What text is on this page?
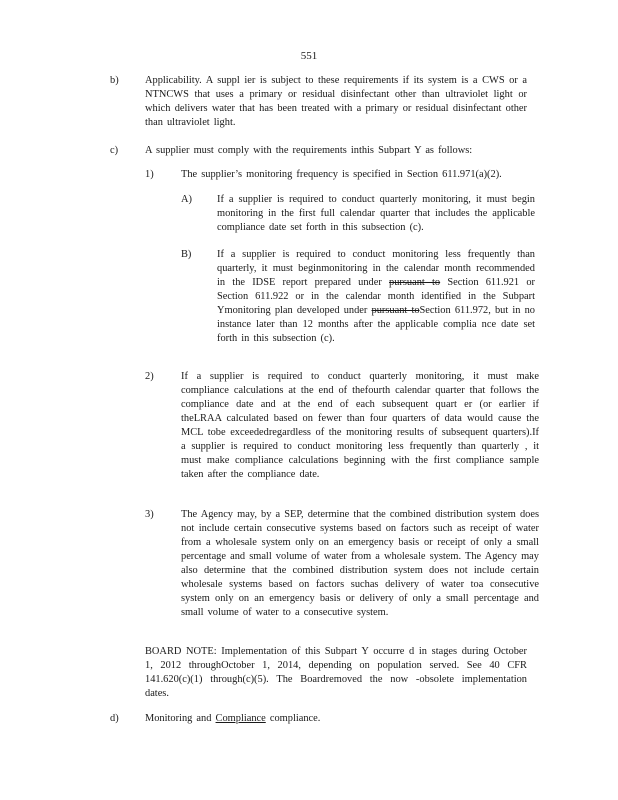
551
b)	Applicability. A suppl ier is subject to these requirements if its system is a CWS or a NTNCWS that uses a primary or residual disinfectant other than ultraviolet light or which delivers water that has been treated with a primary or residual disinfectant other than ultraviolet light.
c)	A supplier must comply with the requirements inthis Subpart Y as follows:
1)	The supplier’s monitoring frequency is specified in Section 611.971(a)(2).
A) If a supplier is required to conduct quarterly monitoring, it must begin monitoring in the first full calendar quarter that includes the applicable compliance date set forth in this subsection (c).
B) If a supplier is required to conduct monitoring less frequently than quarterly, it must beginmonitoring in the calendar month recommended in the IDSE report prepared under pursuant to Section 611.921 or Section 611.922 or in the calendar month identified in the Subpart Ymonitoring plan developed under pursuant toSection 611.972, but in no instance later than 12 months after the applicable complia nce date set forth in this subsection (c).
2)	If a supplier is required to conduct quarterly monitoring, it must make compliance calculations at the end of thefourth calendar quarter that follows the compliance date and at the end of each subsequent quart er (or earlier if theLRAA calculated based on fewer than four quarters of data would cause the MCL tobe exceededregardless of the monitoring results of subsequent quarters).If a supplier is required to conduct monitoring less frequently than quarterly , it must make compliance calculations beginning with the first compliance sample taken after the compliance date.
3)	The Agency may, by a SEP, determine that the combined distribution system does not include certain consecutive systems based on factors such as receipt of water from a wholesale system only on an emergency basis or receipt of only a small percentage and small volume of water from a wholesale system. The Agency may also determine that the combined distribution system does not include certain wholesale systems based on factors suchas delivery of water toa consecutive system only on an emergency basis or delivery of only a small percentage and small volume of water to a consecutive system.
BOARD NOTE: Implementation of this Subpart Y occurre d in stages during October 1, 2012 throughOctober 1, 2014, depending on population served. See 40 CFR 141.620(c)(1) through(c)(5). The Boardremoved the now -obsolete implementation dates.
d)	Monitoring and Compliance compliance.
